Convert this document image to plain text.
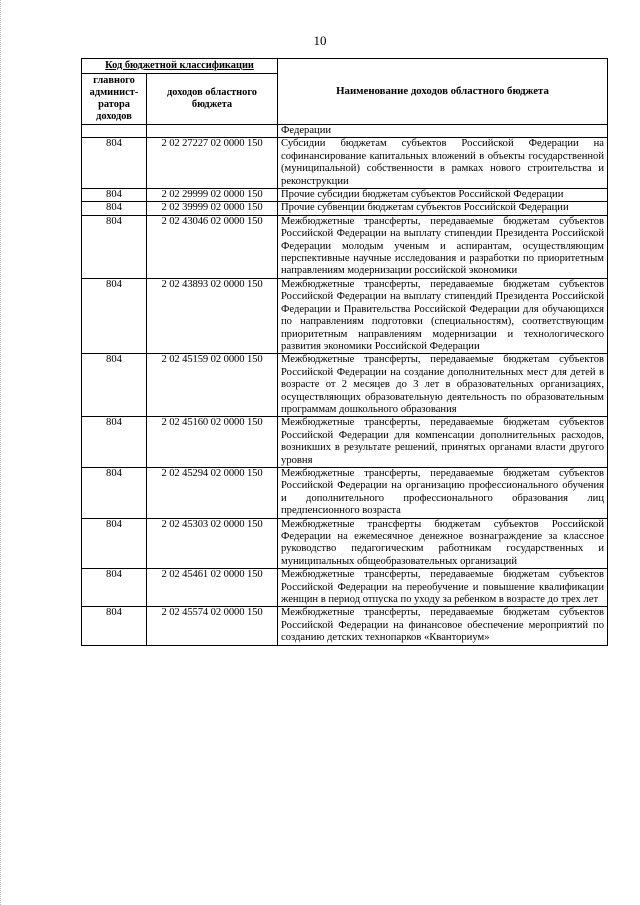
10
Код бюджетной классификации		Наименование доходов областного бюджета
главного админист-ратора доходов	доходов областного бюджета	
		Федерации
804	2 02 27227 02 0000 150	Субсидии бюджетам субъектов Российской Федерации на софинансирование капитальных вложений в объекты государственной (муниципальной) собственности в рамках нового строительства и реконструкции
804	2 02 29999 02 0000 150	Прочие субсидии бюджетам субъектов Российской Федерации
804	2 02 39999 02 0000 150	Прочие субвенции бюджетам субъектов Российской Федерации
804	2 02 43046 02 0000 150	Межбюджетные трансферты, передаваемые бюджетам субъектов Российской Федерации на выплату стипендии Президента Российской Федерации молодым ученым и аспирантам, осуществляющим перспективные научные исследования и разработки по приоритетным направлениям модернизации российской экономики
804	2 02 43893 02 0000 150	Межбюджетные трансферты, передаваемые бюджетам субъектов Российской Федерации на выплату стипендий Президента Российской Федерации и Правительства Российской Федерации для обучающихся по направлениям подготовки (специальностям), соответствующим приоритетным направлениям модернизации и технологического развития экономики Российской Федерации
804	2 02 45159 02 0000 150	Межбюджетные трансферты, передаваемые бюджетам субъектов Российской Федерации на создание дополнительных мест для детей в возрасте от 2 месяцев до 3 лет в образовательных организациях, осуществляющих образовательную деятельность по образовательным программам дошкольного образования
804	2 02 45160 02 0000 150	Межбюджетные трансферты, передаваемые бюджетам субъектов Российской Федерации для компенсации дополнительных расходов, возникших в результате решений, принятых органами власти другого уровня
804	2 02 45294 02 0000 150	Межбюджетные трансферты, передаваемые бюджетам субъектов Российской Федерации на организацию профессионального обучения и дополнительного профессионального образования лиц предпенсионного возраста
804	2 02 45303 02 0000 150	Межбюджетные трансферты бюджетам субъектов Российской Федерации на ежемесячное денежное вознаграждение за классное руководство педагогическим работникам государственных и муниципальных общеобразовательных организаций
804	2 02 45461 02 0000 150	Межбюджетные трансферты, передаваемые бюджетам субъектов Российской Федерации на переобучение и повышение квалификации женщин в период отпуска по уходу за ребенком в возрасте до трех лет
804	2 02 45574 02 0000 150	Межбюджетные трансферты, передаваемые бюджетам субъектов Российской Федерации на финансовое обеспечение мероприятий по созданию детских технопарков «Кванториум»
